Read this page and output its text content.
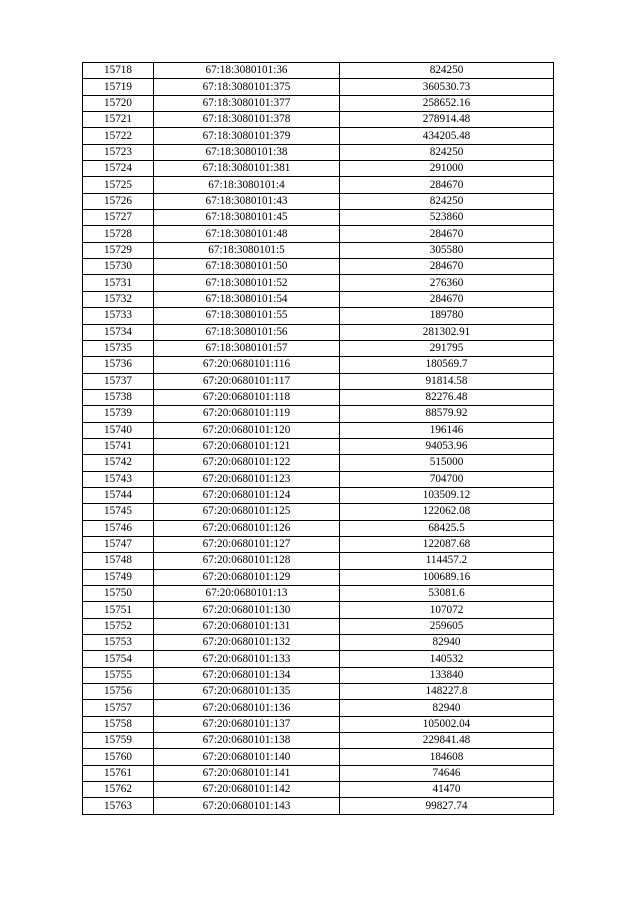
15718	67:18:3080101:36	824250
15719	67:18:3080101:375	360530.73
15720	67:18:3080101:377	258652.16
15721	67:18:3080101:378	278914.48
15722	67:18:3080101:379	434205.48
15723	67:18:3080101:38	824250
15724	67:18:3080101:381	291000
15725	67:18:3080101:4	284670
15726	67:18:3080101:43	824250
15727	67:18:3080101:45	523860
15728	67:18:3080101:48	284670
15729	67:18:3080101:5	305580
15730	67:18:3080101:50	284670
15731	67:18:3080101:52	276360
15732	67:18:3080101:54	284670
15733	67:18:3080101:55	189780
15734	67:18:3080101:56	281302.91
15735	67:18:3080101:57	291795
15736	67:20:0680101:116	180569.7
15737	67:20:0680101:117	91814.58
15738	67:20:0680101:118	82276.48
15739	67:20:0680101:119	88579.92
15740	67:20:0680101:120	196146
15741	67:20:0680101:121	94053.96
15742	67:20:0680101:122	515000
15743	67:20:0680101:123	704700
15744	67:20:0680101:124	103509.12
15745	67:20:0680101:125	122062.08
15746	67:20:0680101:126	68425.5
15747	67:20:0680101:127	122087.68
15748	67:20:0680101:128	114457.2
15749	67:20:0680101:129	100689.16
15750	67:20:0680101:13	53081.6
15751	67:20:0680101:130	107072
15752	67:20:0680101:131	259605
15753	67:20:0680101:132	82940
15754	67:20:0680101:133	140532
15755	67:20:0680101:134	133840
15756	67:20:0680101:135	148227.8
15757	67:20:0680101:136	82940
15758	67:20:0680101:137	105002.04
15759	67:20:0680101:138	229841.48
15760	67:20:0680101:140	184608
15761	67:20:0680101:141	74646
15762	67:20:0680101:142	41470
15763	67:20:0680101:143	99827.74
